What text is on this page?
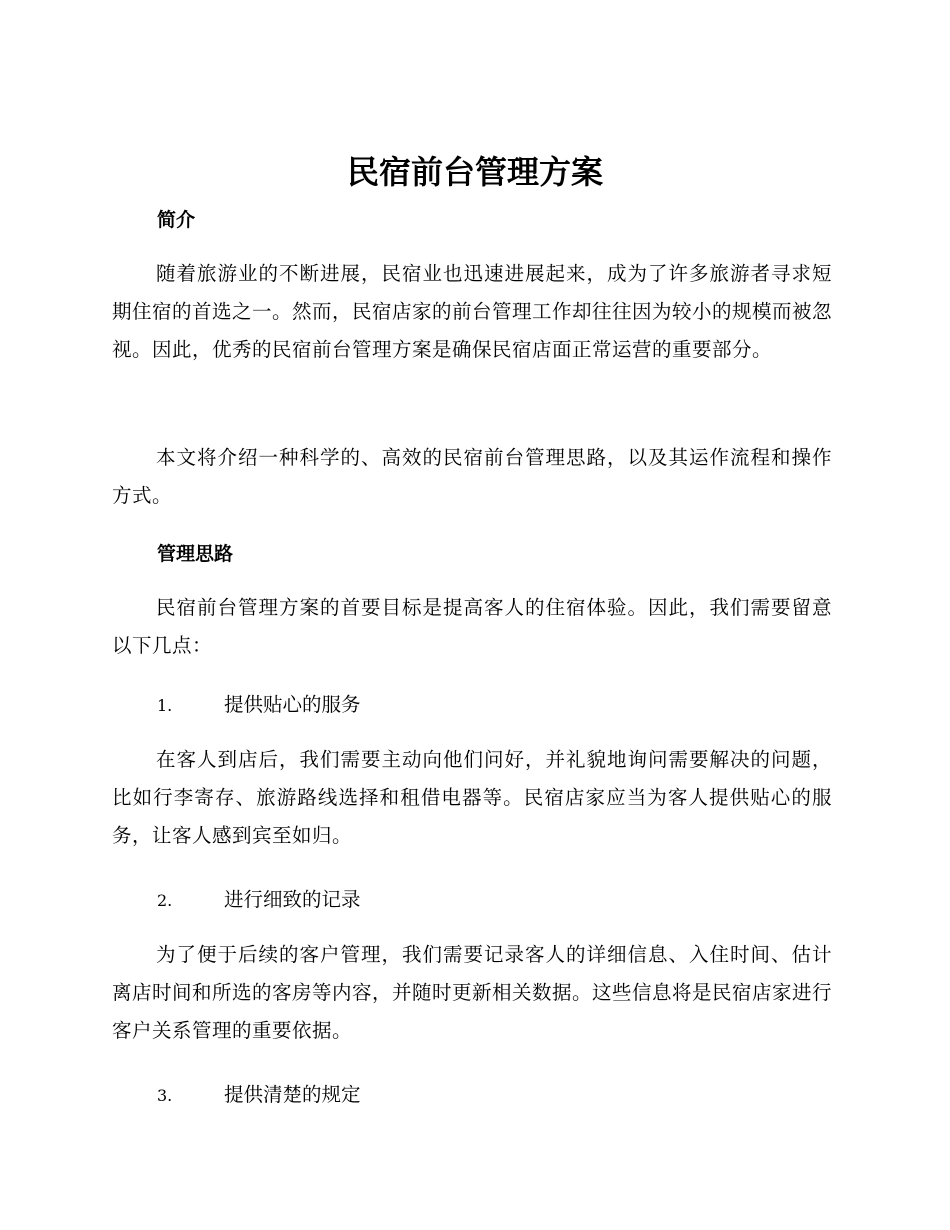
民宿前台管理方案
简介

随着旅游业的不断进展，民宿业也迅速进展起来，成为了许多旅游者寻求短期住宿的首选之一。然而，民宿店家的前台管理工作却往往因为较小的规模而被忽视。因此，优秀的民宿前台管理方案是确保民宿店面正常运营的重要部分。

本文将介绍一种科学的、高效的民宿前台管理思路，以及其运作流程和操作方式。

管理思路

民宿前台管理方案的首要目标是提高客人的住宿体验。因此，我们需要留意以下几点：

1.	提供贴心的服务

在客人到店后，我们需要主动向他们问好，并礼貌地询问需要解决的问题，比如行李寄存、旅游路线选择和租借电器等。民宿店家应当为客人提供贴心的服务，让客人感到宾至如归。

2.	进行细致的记录

为了便于后续的客户管理，我们需要记录客人的详细信息、入住时间、估计离店时间和所选的客房等内容，并随时更新相关数据。这些信息将是民宿店家进行客户关系管理的重要依据。

3.	提供清楚的规定
